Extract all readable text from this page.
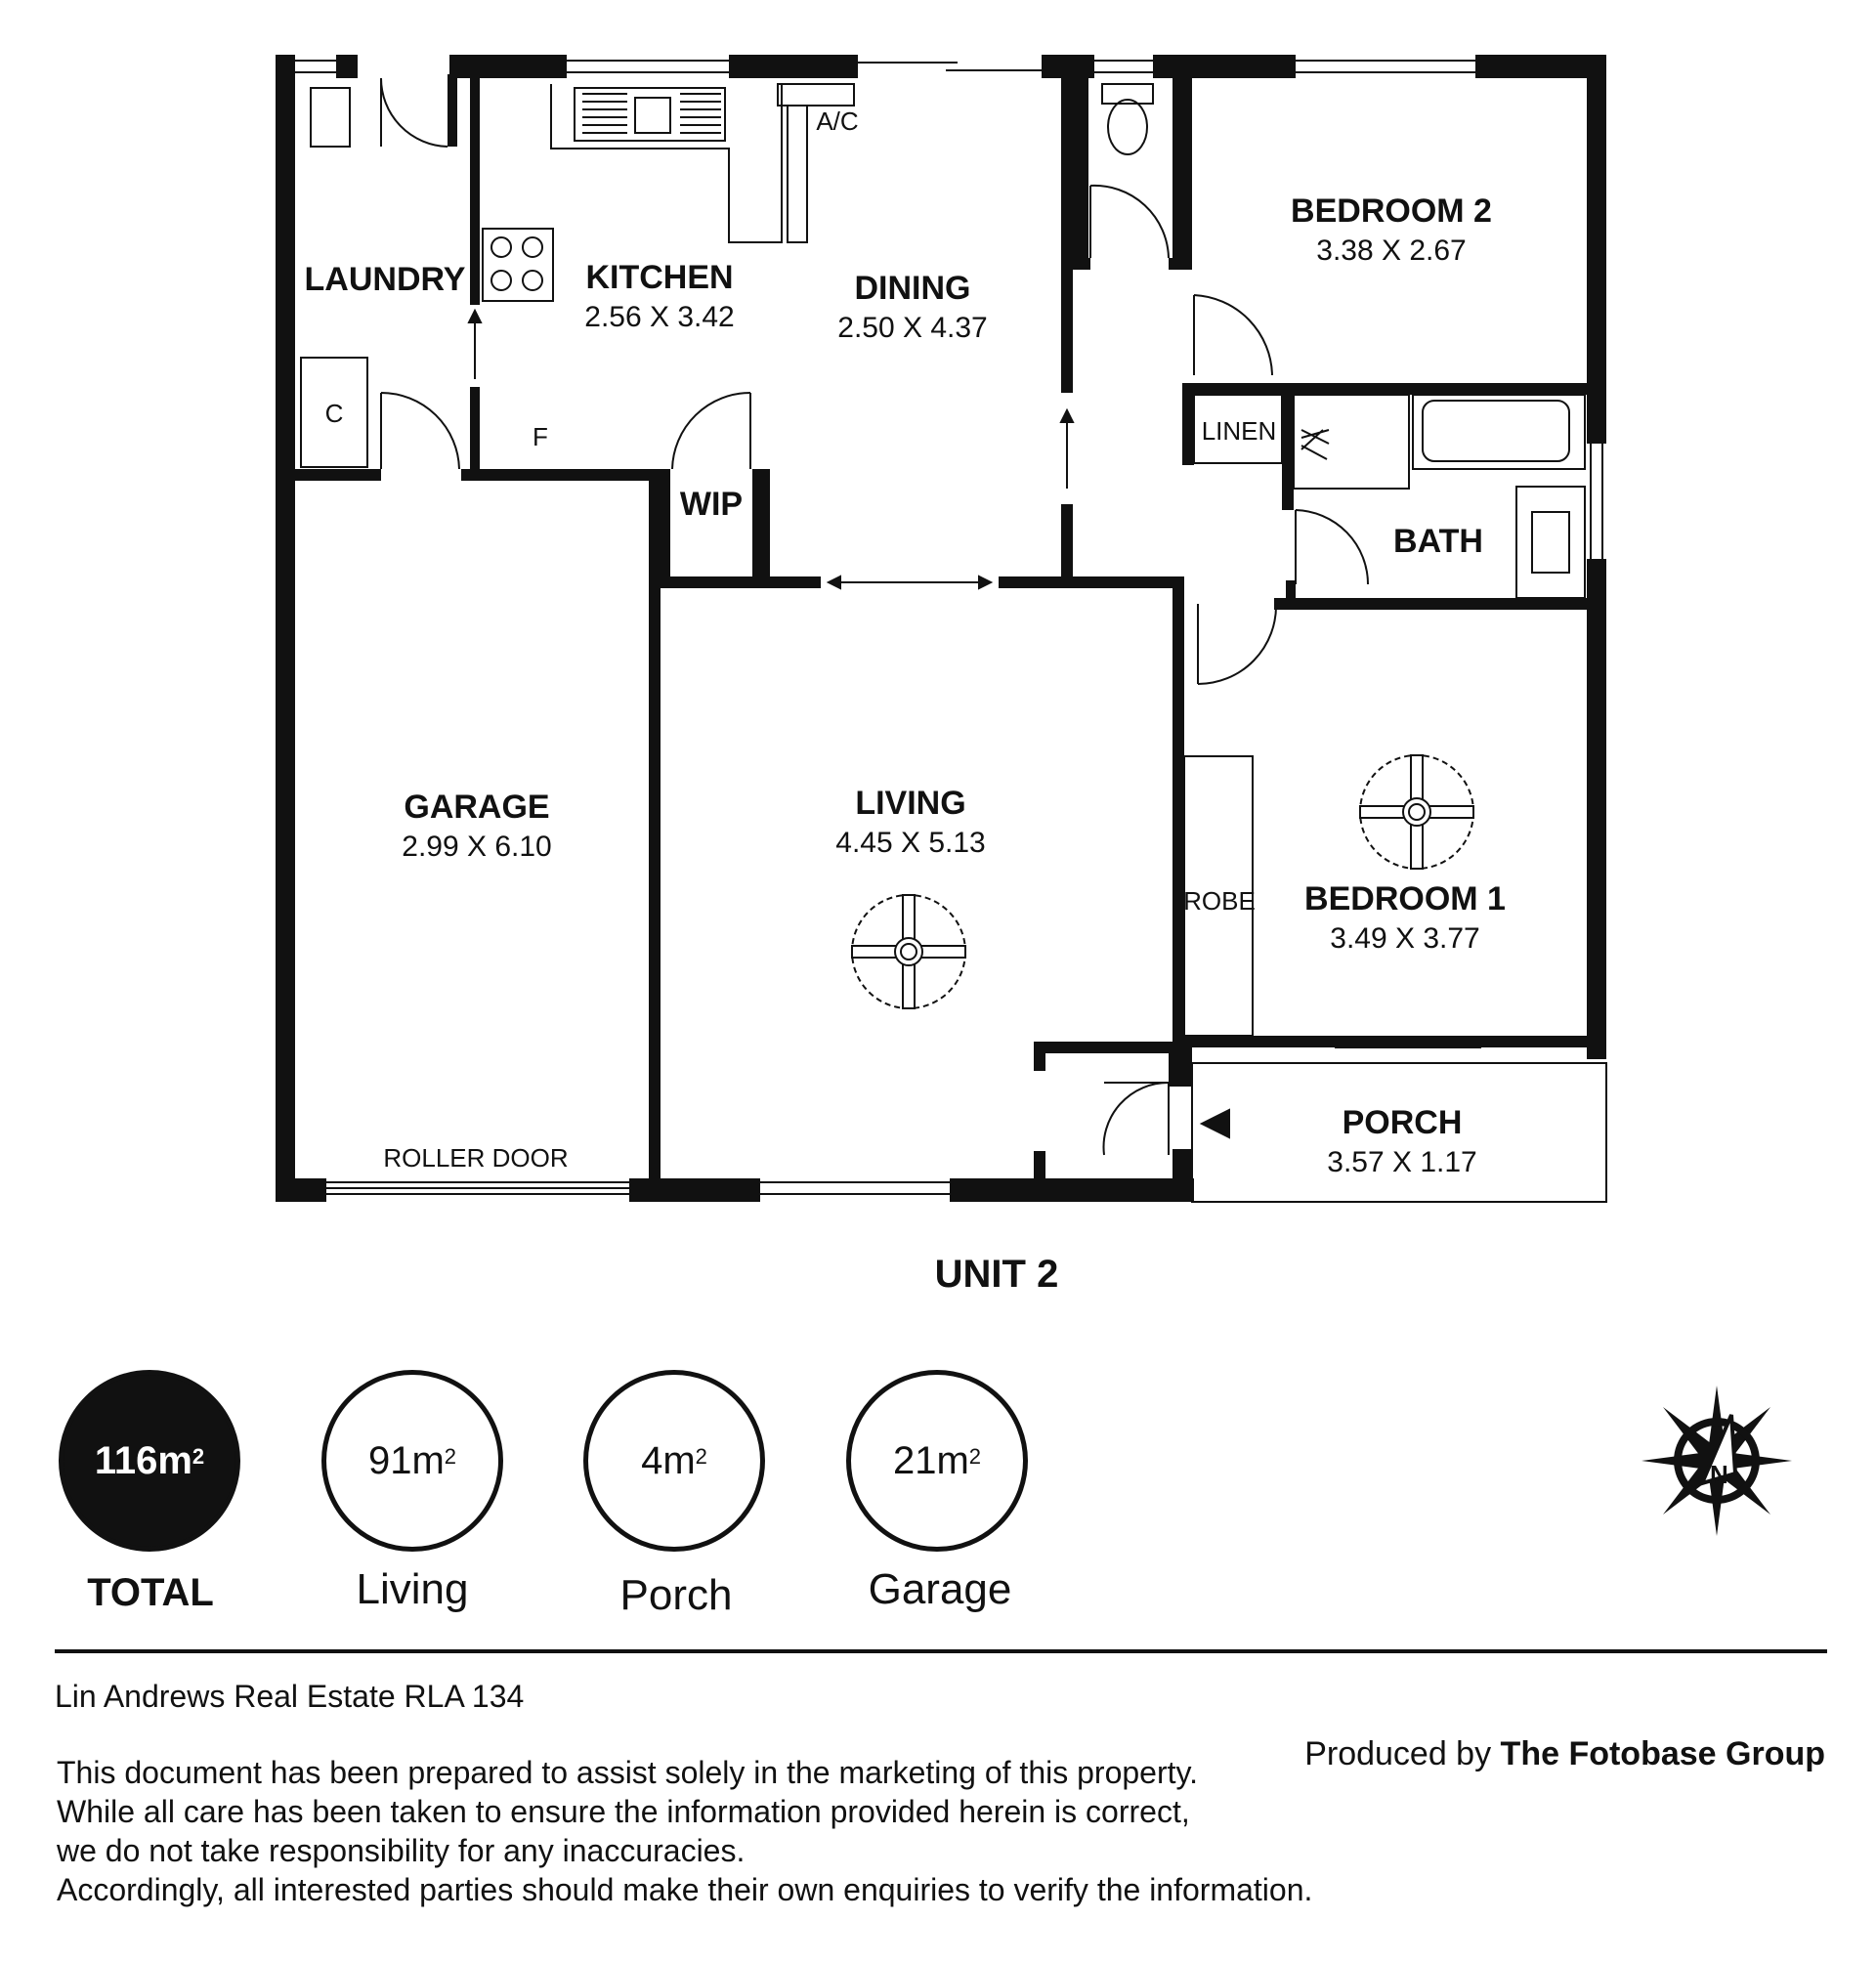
LAUNDRY	KITCHEN
2.56 X 3.42
DINING
2.50 X 4.37
BEDROOM 2
3.38 X 2.67
BATH
GARAGE
2.99 X 6.10
LIVING
4.45 X 5.13
BEDROOM 1
3.49 X 3.77
PORCH
3.57 X 1.17
A/C
C
F
WIP
LINEN
ROBE
ROLLER DOOR
UNIT 2
$116m^2$
TOTAL
$91m^2$
Living
$4m^2$
Porch
$21m^2$
Garage
N
Lin Andrews Real Estate RLA 134
This document has been prepared to assist solely in the marketing of this property.
While all care has been taken to ensure the information provided herein is correct,
we do not take responsibility for any inaccuracies.
Accordingly, all interested parties should make their own enquiries to verify the information.
Produced by The Fotobase Group
